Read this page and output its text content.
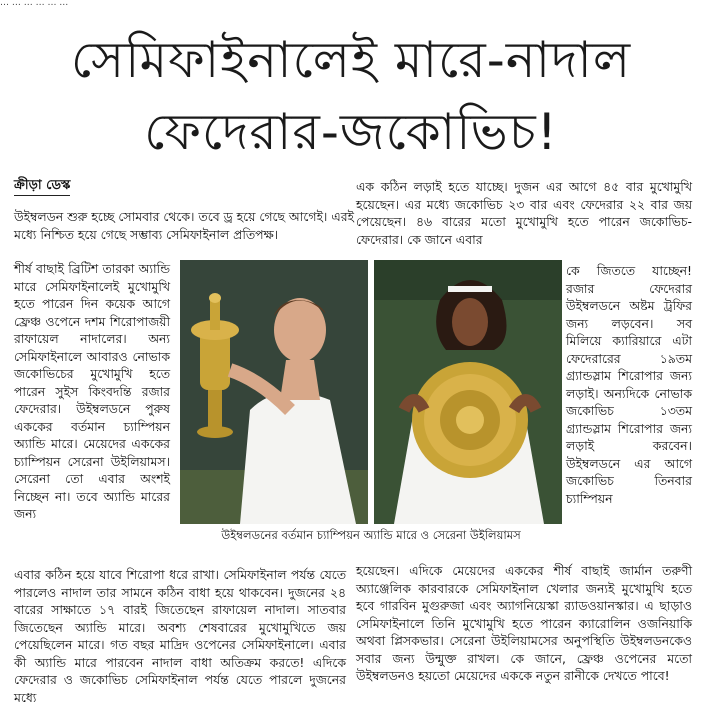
… … … … … …
সেমিফাইনালেই মারে-নাদাল
ফেদেরার-জকোভিচ!
ক্রীড়া ডেস্ক

উইম্বলডন শুরু হচ্ছে সোমবার থেকে। তবে ড্র হয়ে গেছে আগেই। এরই মধ্যে নিশ্চিত হয়ে গেছে সম্ভাব্য সেমিফাইনাল প্রতিপক্ষ।

শীর্ষ বাছাই ব্রিটিশ তারকা অ্যান্ডি মারে সেমিফাইনালেই মুখোমুখি হতে পারেন দিন কয়েক আগে ফ্রেঞ্চ ওপেনে দশম শিরোপাজয়ী রাফায়েল নাদালের। অন্য সেমিফাইনালে আবারও নোভাক জকোভিচের মুখোমুখি হতে পারেন সুইস কিংবদন্তি রজার ফেদেরার। উইম্বলডনে পুরুষ এককের বর্তমান চ্যাম্পিয়ন অ্যান্ডি মারে। মেয়েদের এককের চ্যাম্পিয়ন সেরেনা উইলিয়ামস। সেরেনা তো এবার অংশই নিচ্ছেন না। তবে অ্যান্ডি মারের জন্য

এক কঠিন লড়াই হতে যাচ্ছে। দুজন এর আগে ৪৫ বার মুখোমুখি হয়েছেন। এর মধ্যে জকোভিচ ২৩ বার এবং ফেদেরার ২২ বার জয় পেয়েছেন। ৪৬ বারের মতো মুখোমুখি হতে পারেন জকোভিচ-ফেদেরার। কে জানে এবার

কে জিততে যাচ্ছেন! রজার ফেদেরার উইম্বলডনে অষ্টম ট্রফির জন্য লড়বেন। সব মিলিয়ে ক্যারিয়ারে এটা ফেদেরারের ১৯তম গ্র্যান্ডস্লাম শিরোপার জন্য লড়াই। অন্যদিকে নোভাক জকোভিচ ১৩তম গ্র্যান্ডস্লাম শিরোপার জন্য লড়াই করবেন। উইম্বলডনে এর আগে জকোভিচ তিনবার চ্যাম্পিয়ন

উইম্বলডনের বর্তমান চ্যাম্পিয়ন অ্যান্ডি মারে ও সেরেনা উইলিয়ামস

এবার কঠিন হয়ে যাবে শিরোপা ধরে রাখা। সেমিফাইনাল পর্যন্ত যেতে পারলেও নাদাল তার সামনে কঠিন বাধা হয়ে থাকবেন। দুজনের ২৪ বারের সাক্ষাতে ১৭ বারই জিতেছেন রাফায়েল নাদাল। সাতবার জিতেছেন অ্যান্ডি মারে। অবশ্য শেষবারের মুখোমুখিতে জয় পেয়েছিলেন মারে। গত বছর মাদ্রিদ ওপেনের সেমিফাইনালে। এবার কী অ্যান্ডি মারে পারবেন নাদাল বাধা অতিক্রম করতে! এদিকে ফেদেরার ও জকোভিচ সেমিফাইনাল পর্যন্ত যেতে পারলে দুজনের মধ্যে

হয়েছেন। এদিকে মেয়েদের এককের শীর্ষ বাছাই জার্মান তরুণী অ্যাঞ্জেলিক কারবারকে সেমিফাইনাল খেলার জন্যই মুখোমুখি হতে হবে গারবিন মুগুরুজা এবং অ্যাগনিয়েস্কা র‍্যাডওয়ানস্কার। এ ছাড়াও সেমিফাইনালে তিনি মুখোমুখি হতে পারেন ক্যারোলিন ওজনিয়াকি অথবা প্লিসকভার। সেরেনা উইলিয়ামসের অনুপস্থিতি উইম্বলডনকেও সবার জন্য উন্মুক্ত রাখল। কে জানে, ফ্রেঞ্চ ওপেনের মতো উইম্বলডনও হয়তো মেয়েদের এককে নতুন রানীকে দেখতে পাবে!
